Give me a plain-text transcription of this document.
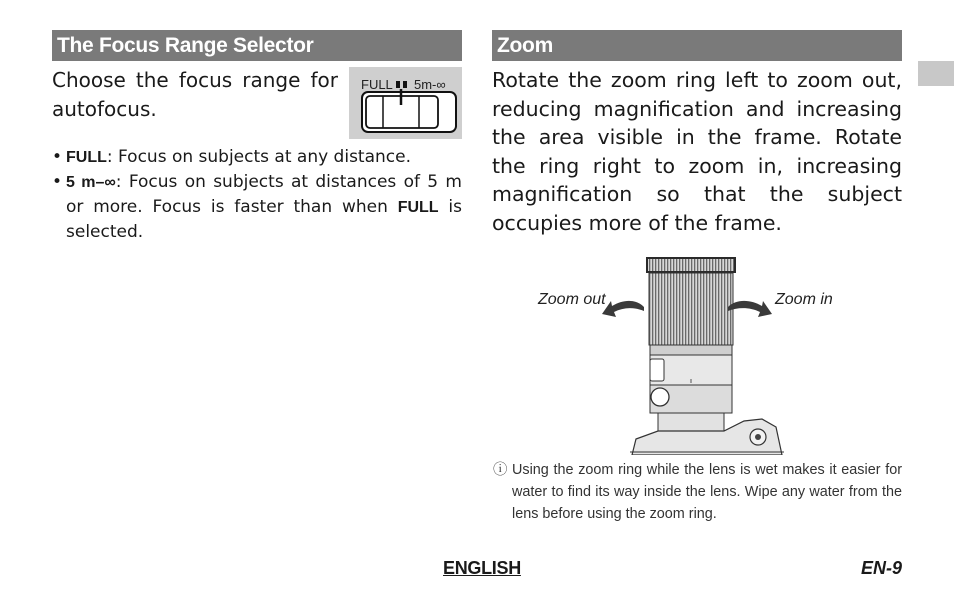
The Focus Range Selector	Zoom
Choose the focus range for autofocus.
FULL 5m-∞
• FULL: Focus on subjects at any distance.
• 5 m–∞: Focus on subjects at distances of 5 m or more. Focus is faster than when FULL is selected.
Rotate the zoom ring left to zoom out, reducing magnification and increasing the area visible in the frame. Rotate the ring right to zoom in, increasing magnification so that the subject occupies more of the frame.
Zoom out	Zoom in
ⓘ Using the zoom ring while the lens is wet makes it easier for water to find its way inside the lens. Wipe any water from the lens before using the zoom ring.
ENGLISH	EN-9
